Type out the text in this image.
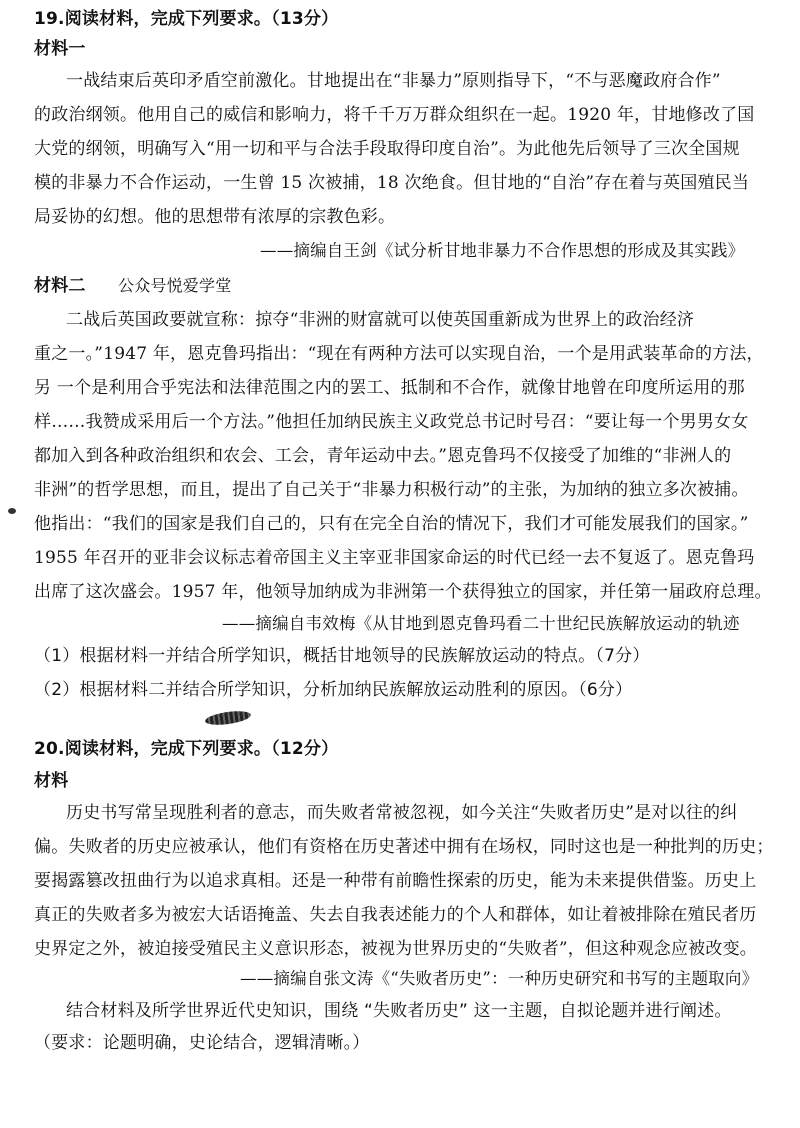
19.阅读材料，完成下列要求。（13分）
材料一
一战结束后英印矛盾空前激化。甘地提出在“非暴力”原则指导下，“不与恶魔政府合作”
的政治纲领。他用自己的威信和影响力，将千千万万群众组织在一起。1920 年，甘地修改了国
大党的纲领，明确写入“用一切和平与合法手段取得印度自治”。为此他先后领导了三次全国规
模的非暴力不合作运动，一生曾 15 次被捕，18 次绝食。但甘地的“自治”存在着与英国殖民当
局妥协的幻想。他的思想带有浓厚的宗教色彩。
——摘编自王剑《试分析甘地非暴力不合作思想的形成及其实践》
材料二	公众号悦爱学堂
二战后英国政要就宣称：掠夺“非洲的财富就可以使英国重新成为世界上的政治经济
重之一。”1947 年，恩克鲁玛指出：“现在有两种方法可以实现自治，一个是用武装革命的方法，
另 一个是利用合乎宪法和法律范围之内的罢工、抵制和不合作，就像甘地曾在印度所运用的那
样……我赞成采用后一个方法。”他担任加纳民族主义政党总书记时号召：“要让每一个男男女女
都加入到各种政治组织和农会、工会，青年运动中去。”恩克鲁玛不仅接受了加维的“非洲人的
非洲”的哲学思想，而且，提出了自己关于“非暴力积极行动”的主张，为加纳的独立多次被捕。
他指出：“我们的国家是我们自己的，只有在完全自治的情况下，我们才可能发展我们的国家。”
1955 年召开的亚非会议标志着帝国主义主宰亚非国家命运的时代已经一去不复返了。恩克鲁玛
出席了这次盛会。1957 年，他领导加纳成为非洲第一个获得独立的国家，并任第一届政府总理。
——摘编自韦效梅《从甘地到恩克鲁玛看二十世纪民族解放运动的轨迹
（1）根据材料一并结合所学知识，概括甘地领导的民族解放运动的特点。（7分）
（2）根据材料二并结合所学知识，分析加纳民族解放运动胜利的原因。（6分）
20.阅读材料，完成下列要求。（12分）
材料
历史书写常呈现胜利者的意志，而失败者常被忽视，如今关注“失败者历史”是对以往的纠
偏。失败者的历史应被承认，他们有资格在历史著述中拥有在场权，同时这也是一种批判的历史；
要揭露篡改扭曲行为以追求真相。还是一种带有前瞻性探索的历史，能为未来提供借鉴。历史上
真正的失败者多为被宏大话语掩盖、失去自我表述能力的个人和群体，如让着被排除在殖民者历
史界定之外，被迫接受殖民主义意识形态，被视为世界历史的“失败者”，但这种观念应被改变。
——摘编自张文涛《“失败者历史”：一种历史研究和书写的主题取向》
结合材料及所学世界近代史知识，围绕 “失败者历史” 这一主题，自拟论题并进行阐述。
（要求：论题明确，史论结合，逻辑清晰。）
